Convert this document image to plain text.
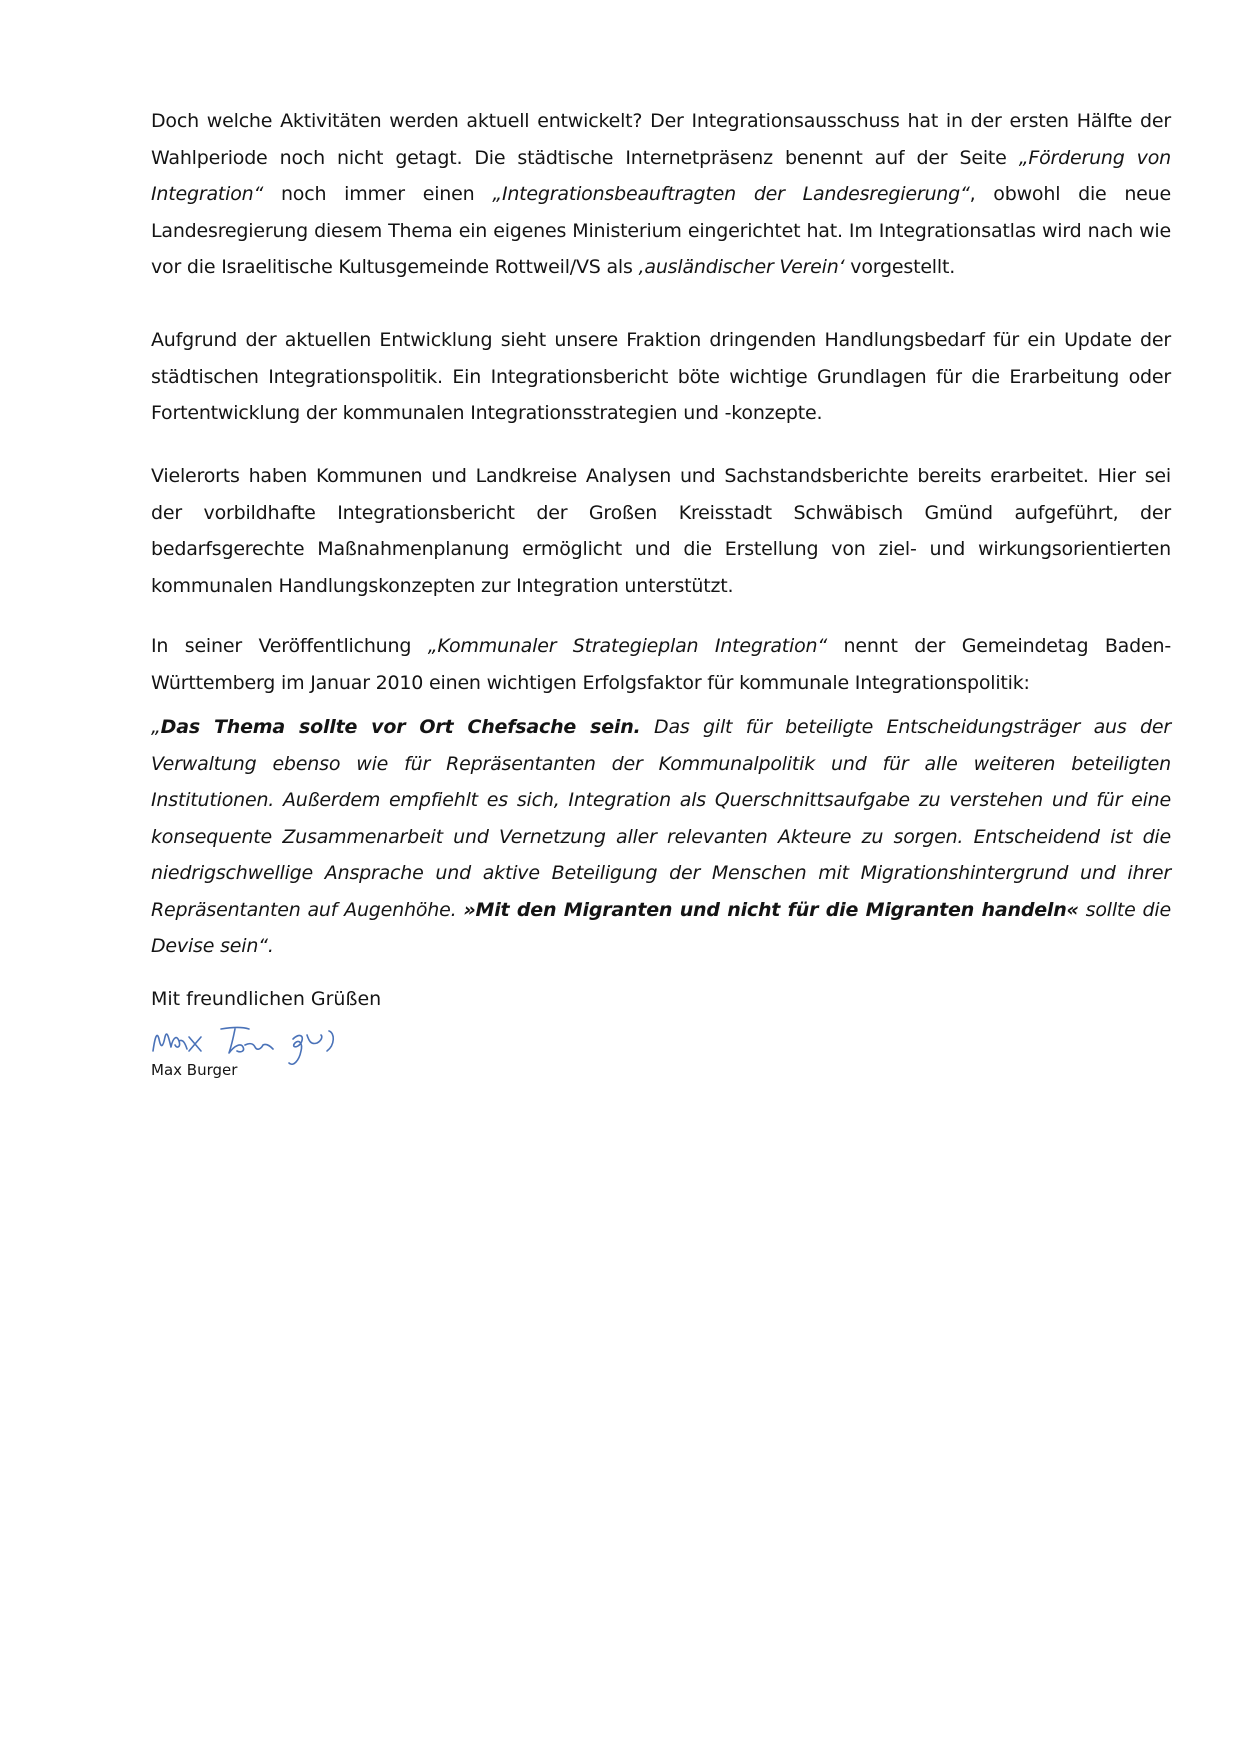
Doch welche Aktivitäten werden aktuell entwickelt? Der Integrationsausschuss hat in der ersten Hälfte der Wahlperiode noch nicht getagt. Die städtische Internetpräsenz benennt auf der Seite „Förderung von Integration“ noch immer einen „Integrationsbeauftragten der Landesregierung“, obwohl die neue Landesregierung diesem Thema ein eigenes Ministerium eingerichtet hat. Im Integrationsatlas wird nach wie vor die Israelitische Kultusgemeinde Rottweil/VS als ‚ausländischer Verein‘ vorgestellt.

Aufgrund der aktuellen Entwicklung sieht unsere Fraktion dringenden Handlungsbedarf für ein Update der städtischen Integrationspolitik. Ein Integrationsbericht böte wichtige Grundlagen für die Erarbeitung oder Fortentwicklung der kommunalen Integrationsstrategien und -konzepte.

Vielerorts haben Kommunen und Landkreise Analysen und Sachstandsberichte bereits erarbeitet. Hier sei der vorbildhafte Integrationsbericht der Großen Kreisstadt Schwäbisch Gmünd aufgeführt, der bedarfsgerechte Maßnahmenplanung ermöglicht und die Erstellung von ziel- und wirkungsorientierten kommunalen Handlungskonzepten zur Integration unterstützt.

In seiner Veröffentlichung „Kommunaler Strategieplan Integration“ nennt der Gemeindetag Baden-Württemberg im Januar 2010 einen wichtigen Erfolgsfaktor für kommunale Integrationspolitik:

„Das Thema sollte vor Ort Chefsache sein. Das gilt für beteiligte Entscheidungsträger aus der Verwaltung ebenso wie für Repräsentanten der Kommunalpolitik und für alle weiteren beteiligten Institutionen. Außerdem empfiehlt es sich, Integration als Querschnittsaufgabe zu verstehen und für eine konsequente Zusammenarbeit und Vernetzung aller relevanten Akteure zu sorgen. Entscheidend ist die niedrigschwellige Ansprache und aktive Beteiligung der Menschen mit Migrationshintergrund und ihrer Repräsentanten auf Augenhöhe. »Mit den Migranten und nicht für die Migranten handeln« sollte die Devise sein“.

Mit freundlichen Grüßen
Max Burger
